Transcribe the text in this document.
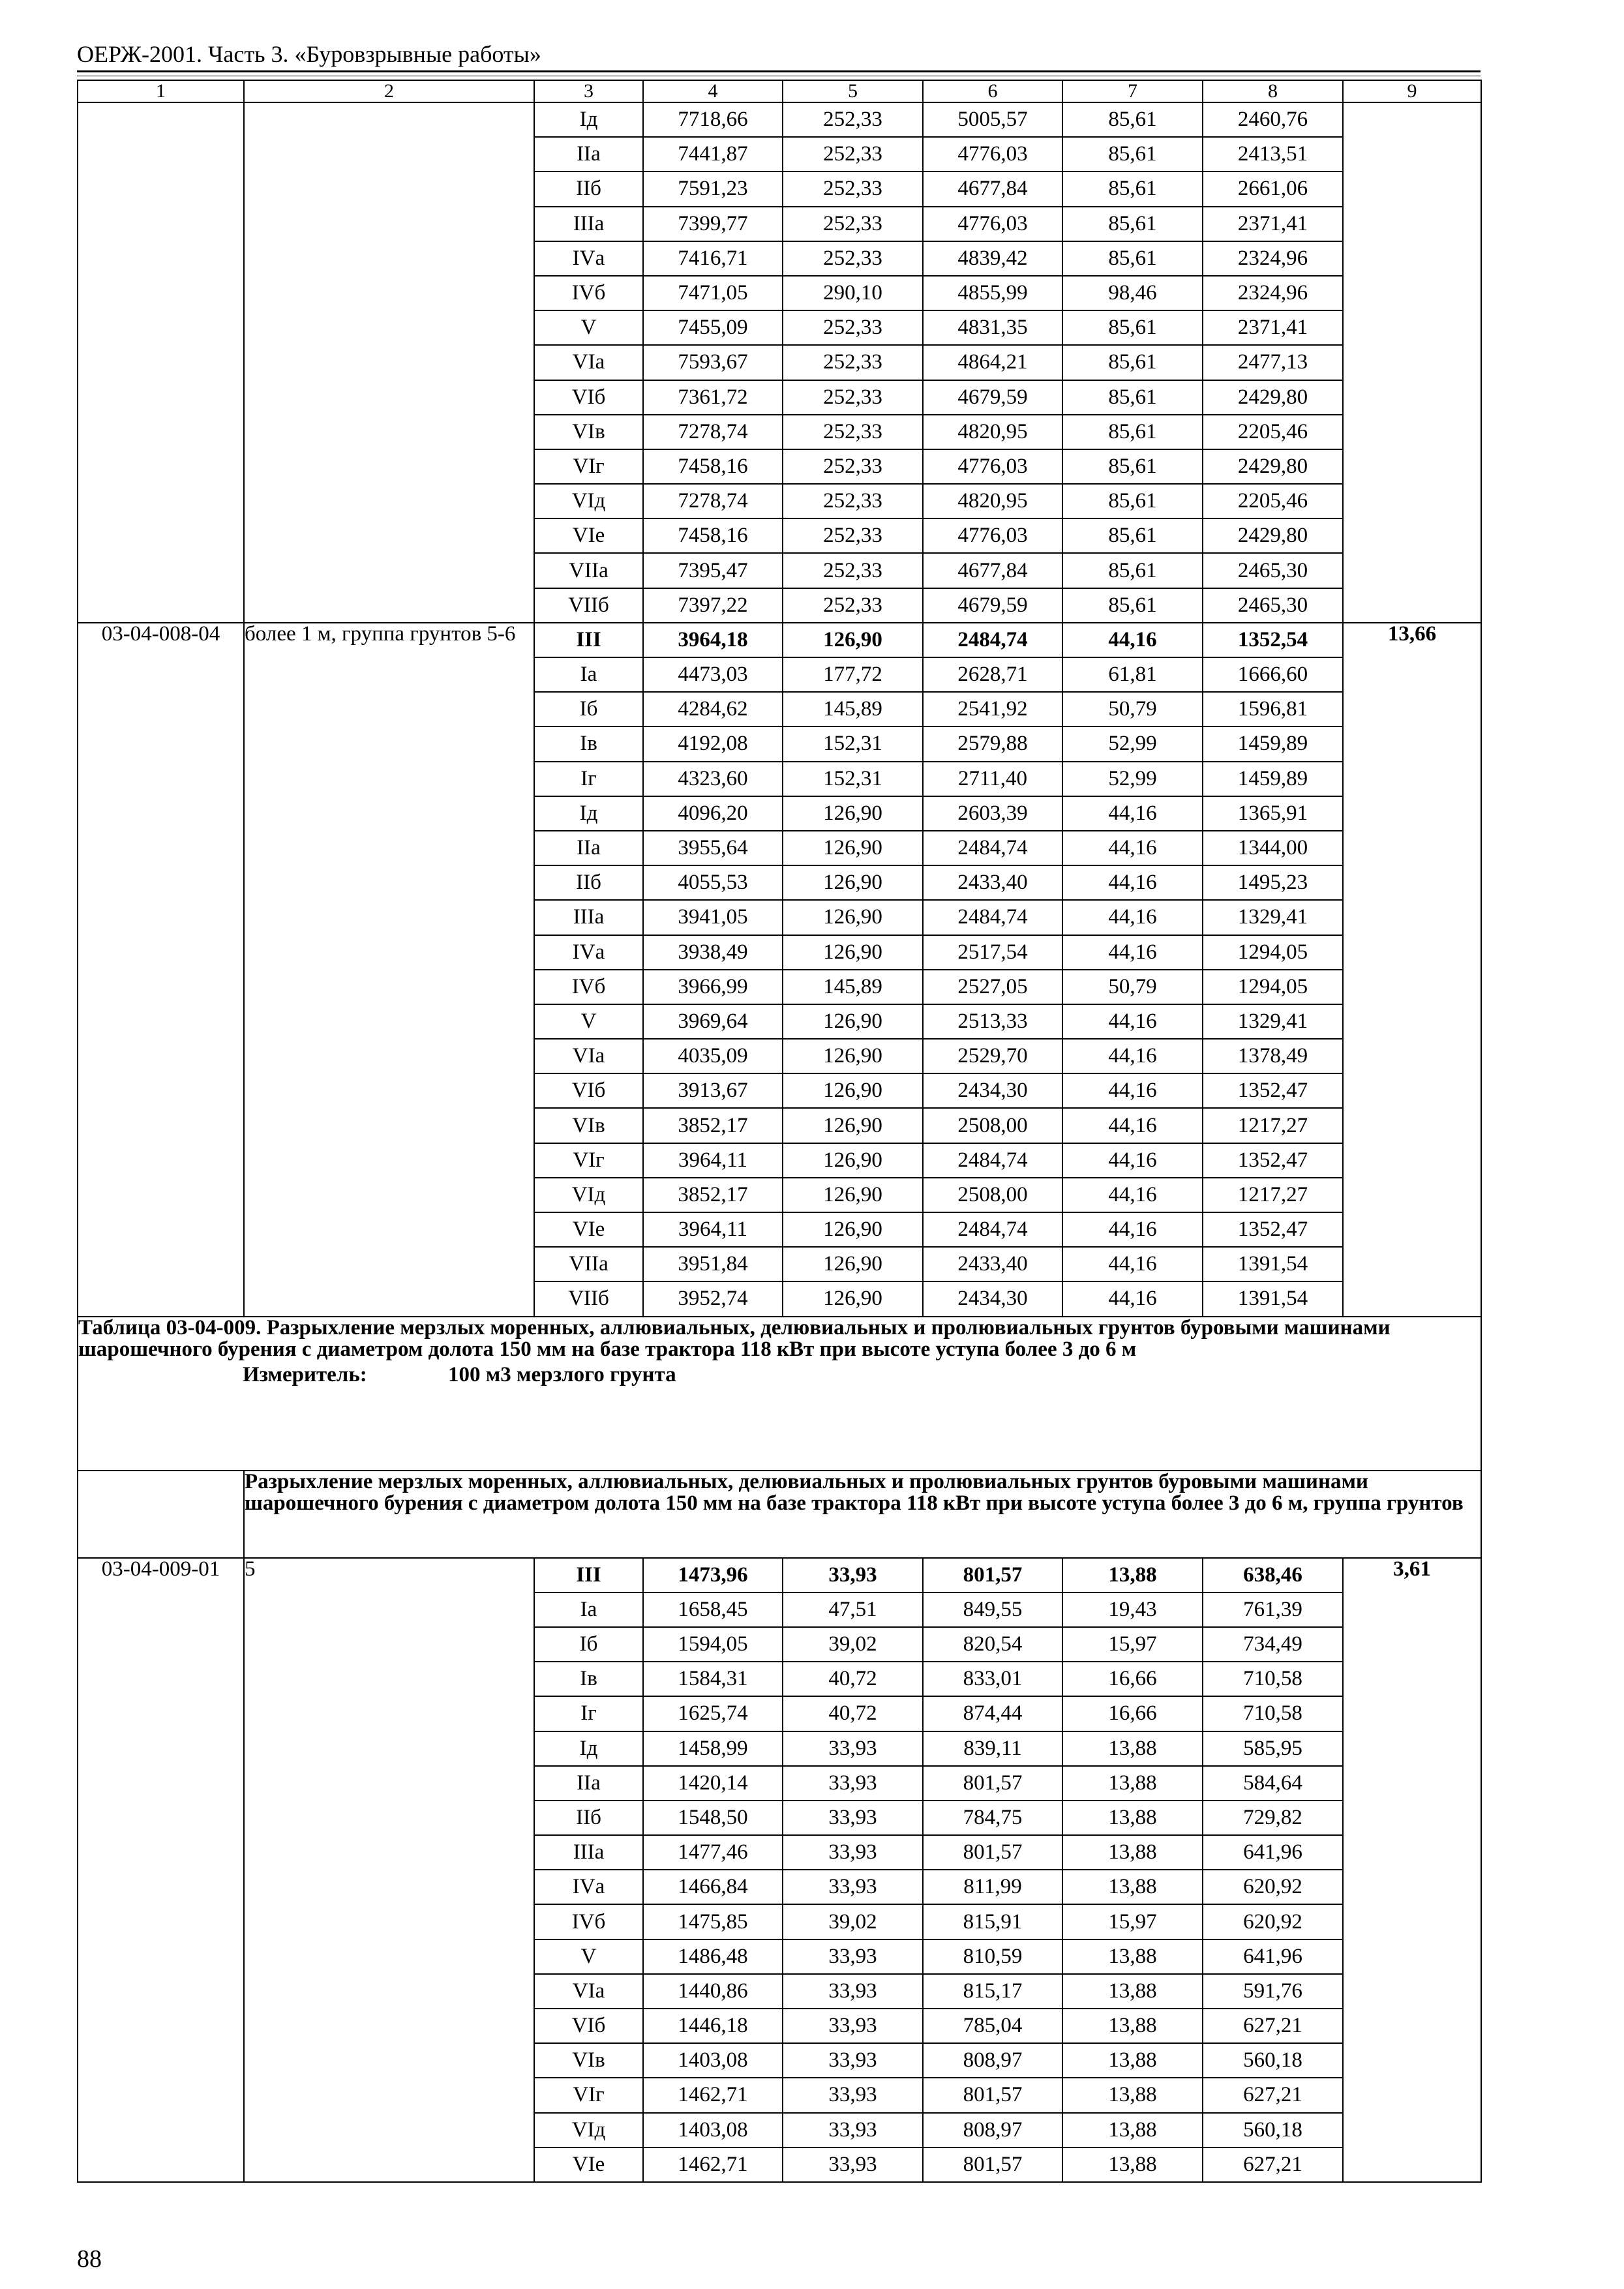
ОЕРЖ-2001. Часть 3. «Буровзрывные работы»
1	2	3	4	5	6	7	8	9
		Iд	7718,66	252,33	5005,57	85,61	2460,76	
		IIа	7441,87	252,33	4776,03	85,61	2413,51	
		IIб	7591,23	252,33	4677,84	85,61	2661,06	
		IIIа	7399,77	252,33	4776,03	85,61	2371,41	
		IVа	7416,71	252,33	4839,42	85,61	2324,96	
		IVб	7471,05	290,10	4855,99	98,46	2324,96	
		V	7455,09	252,33	4831,35	85,61	2371,41	
		VIа	7593,67	252,33	4864,21	85,61	2477,13	
		VIб	7361,72	252,33	4679,59	85,61	2429,80	
		VIв	7278,74	252,33	4820,95	85,61	2205,46	
		VIг	7458,16	252,33	4776,03	85,61	2429,80	
		VIд	7278,74	252,33	4820,95	85,61	2205,46	
		VIе	7458,16	252,33	4776,03	85,61	2429,80	
		VIIа	7395,47	252,33	4677,84	85,61	2465,30	
		VIIб	7397,22	252,33	4679,59	85,61	2465,30	
03-04-008-04	более 1 м, группа грунтов 5-6	III	3964,18	126,90	2484,74	44,16	1352,54	13,66
		Iа	4473,03	177,72	2628,71	61,81	1666,60	
		Iб	4284,62	145,89	2541,92	50,79	1596,81	
		Iв	4192,08	152,31	2579,88	52,99	1459,89	
		Iг	4323,60	152,31	2711,40	52,99	1459,89	
		Iд	4096,20	126,90	2603,39	44,16	1365,91	
		IIа	3955,64	126,90	2484,74	44,16	1344,00	
		IIб	4055,53	126,90	2433,40	44,16	1495,23	
		IIIа	3941,05	126,90	2484,74	44,16	1329,41	
		IVа	3938,49	126,90	2517,54	44,16	1294,05	
		IVб	3966,99	145,89	2527,05	50,79	1294,05	
		V	3969,64	126,90	2513,33	44,16	1329,41	
		VIа	4035,09	126,90	2529,70	44,16	1378,49	
		VIб	3913,67	126,90	2434,30	44,16	1352,47	
		VIв	3852,17	126,90	2508,00	44,16	1217,27	
		VIг	3964,11	126,90	2484,74	44,16	1352,47	
		VIд	3852,17	126,90	2508,00	44,16	1217,27	
		VIе	3964,11	126,90	2484,74	44,16	1352,47	
		VIIа	3951,84	126,90	2433,40	44,16	1391,54	
		VIIб	3952,74	126,90	2434,30	44,16	1391,54	

Таблица 03-04-009. Разрыхление мерзлых моренных, аллювиальных, делювиальных и пролювиальных грунтов буровыми машинами шарошечного бурения с диаметром долота 150 мм на базе трактора 118 кВт при высоте уступа более 3 до 6 м
Измеритель: 100 м3 мерзлого грунта								

	Разрыхление мерзлых моренных, аллювиальных, делювиальных и пролювиальных грунтов буровыми машинами шарошечного бурения с диаметром долота 150 мм на базе трактора 118 кВт при высоте уступа более 3 до 6 м, группа грунтов							
03-04-009-01	5	III	1473,96	33,93	801,57	13,88	638,46	3,61
		Iа	1658,45	47,51	849,55	19,43	761,39	
		Iб	1594,05	39,02	820,54	15,97	734,49	
		Iв	1584,31	40,72	833,01	16,66	710,58	
		Iг	1625,74	40,72	874,44	16,66	710,58	
		Iд	1458,99	33,93	839,11	13,88	585,95	
		IIа	1420,14	33,93	801,57	13,88	584,64	
		IIб	1548,50	33,93	784,75	13,88	729,82	
		IIIа	1477,46	33,93	801,57	13,88	641,96	
		IVа	1466,84	33,93	811,99	13,88	620,92	
		IVб	1475,85	39,02	815,91	15,97	620,92	
		V	1486,48	33,93	810,59	13,88	641,96	
		VIа	1440,86	33,93	815,17	13,88	591,76	
		VIб	1446,18	33,93	785,04	13,88	627,21	
		VIв	1403,08	33,93	808,97	13,88	560,18	
		VIг	1462,71	33,93	801,57	13,88	627,21	
		VIд	1403,08	33,93	808,97	13,88	560,18	
		VIе	1462,71	33,93	801,57	13,88	627,21	
88
